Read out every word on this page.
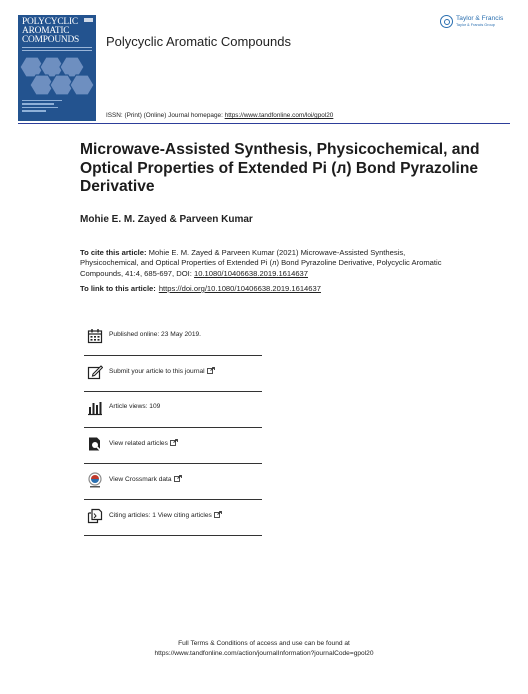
POLYCYCLIC AROMATIC COMPOUNDS	Polycyclic Aromatic Compounds
Taylor & Francis
Taylor & Francis Group
ISSN: (Print) (Online) Journal homepage: https://www.tandfonline.com/loi/gpol20
Microwave-Assisted Synthesis, Physicochemical, and Optical Properties of Extended Pi (л) Bond Pyrazoline Derivative
Mohie E. M. Zayed & Parveen Kumar
To cite this article: Mohie E. M. Zayed & Parveen Kumar (2021) Microwave-Assisted Synthesis, Physicochemical, and Optical Properties of Extended Pi (л) Bond Pyrazoline Derivative, Polycyclic Aromatic Compounds, 41:4, 685-697, DOI: 10.1080/10406638.2019.1614637
To link to this article: https://doi.org/10.1080/10406638.2019.1614637
Published online: 23 May 2019.
Submit your article to this journal
Article views: 109
View related articles
View Crossmark data
Citing articles: 1 View citing articles
Full Terms & Conditions of access and use can be found at
https://www.tandfonline.com/action/journalInformation?journalCode=gpol20
